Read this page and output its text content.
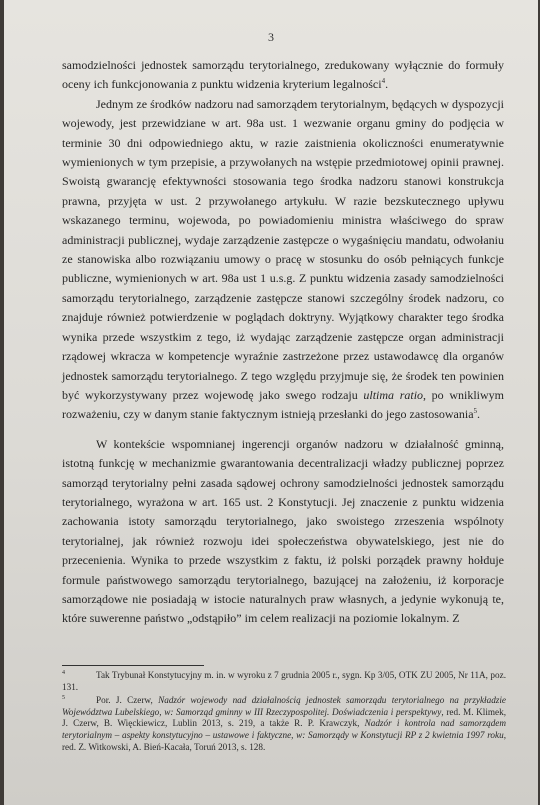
3

samodzielności jednostek samorządu terytorialnego, zredukowany wyłącznie do formuły oceny ich funkcjonowania z punktu widzenia kryterium legalności$^4$.

Jednym ze środków nadzoru nad samorządem terytorialnym, będących w dyspozycji wojewody, jest przewidziane w art. 98a ust. 1 wezwanie organu gminy do podjęcia w terminie 30 dni odpowiedniego aktu, w razie zaistnienia okoliczności enumeratywnie wymienionych w tym przepisie, a przywołanych na wstępie przedmiotowej opinii prawnej. Swoistą gwarancję efektywności stosowania tego środka nadzoru stanowi konstrukcja prawna, przyjęta w ust. 2 przywołanego artykułu. W razie bezskutecznego upływu wskazanego terminu, wojewoda, po powiadomieniu ministra właściwego do spraw administracji publicznej, wydaje zarządzenie zastępcze o wygaśnięciu mandatu, odwołaniu ze stanowiska albo rozwiązaniu umowy o pracę w stosunku do osób pełniących funkcje publiczne, wymienionych w art. 98a ust 1 u.s.g. Z punktu widzenia zasady samodzielności samorządu terytorialnego, zarządzenie zastępcze stanowi szczególny środek nadzoru, co znajduje również potwierdzenie w poglądach doktryny. Wyjątkowy charakter tego środka wynika przede wszystkim z tego, iż wydając zarządzenie zastępcze organ administracji rządowej wkracza w kompetencje wyraźnie zastrzeżone przez ustawodawcę dla organów jednostek samorządu terytorialnego. Z tego względu przyjmuje się, że środek ten powinien być wykorzystywany przez wojewodę jako swego rodzaju ultima ratio, po wnikliwym rozważeniu, czy w danym stanie faktycznym istnieją przesłanki do jego zastosowania$^5$.

W kontekście wspomnianej ingerencji organów nadzoru w działalność gminną, istotną funkcję w mechanizmie gwarantowania decentralizacji władzy publicznej poprzez samorząd terytorialny pełni zasada sądowej ochrony samodzielności jednostek samorządu terytorialnego, wyrażona w art. 165 ust. 2 Konstytucji. Jej znaczenie z punktu widzenia zachowania istoty samorządu terytorialnego, jako swoistego zrzeszenia wspólnoty terytorialnej, jak również rozwoju idei społeczeństwa obywatelskiego, jest nie do przecenienia. Wynika to przede wszystkim z faktu, iż polski porządek prawny hołduje formule państwowego samorządu terytorialnego, bazującej na założeniu, iż korporacje samorządowe nie posiadają w istocie naturalnych praw własnych, a jedynie wykonują te, które suwerenne państwo „odstąpiło” im celem realizacji na poziomie lokalnym. Z

$^4$	Tak Trybunał Konstytucyjny m. in. w wyroku z 7 grudnia 2005 r., sygn. Kp 3/05, OTK ZU 2005, Nr 11A, poz. 131.

$^5$	Por. J. Czerw, Nadzór wojewody nad działalnością jednostek samorządu terytorialnego na przykładzie Województwa Lubelskiego, w: Samorząd gminny w III Rzeczypospolitej. Doświadczenia i perspektywy, red. M. Klimek, J. Czerw, B. Więckiewicz, Lublin 2013, s. 219, a także R. P. Krawczyk, Nadzór i kontrola nad samorządem terytorialnym – aspekty konstytucyjno – ustawowe i faktyczne, w: Samorządy w Konstytucji RP z 2 kwietnia 1997 roku, red. Z. Witkowski, A. Bień-Kacała, Toruń 2013, s. 128.
